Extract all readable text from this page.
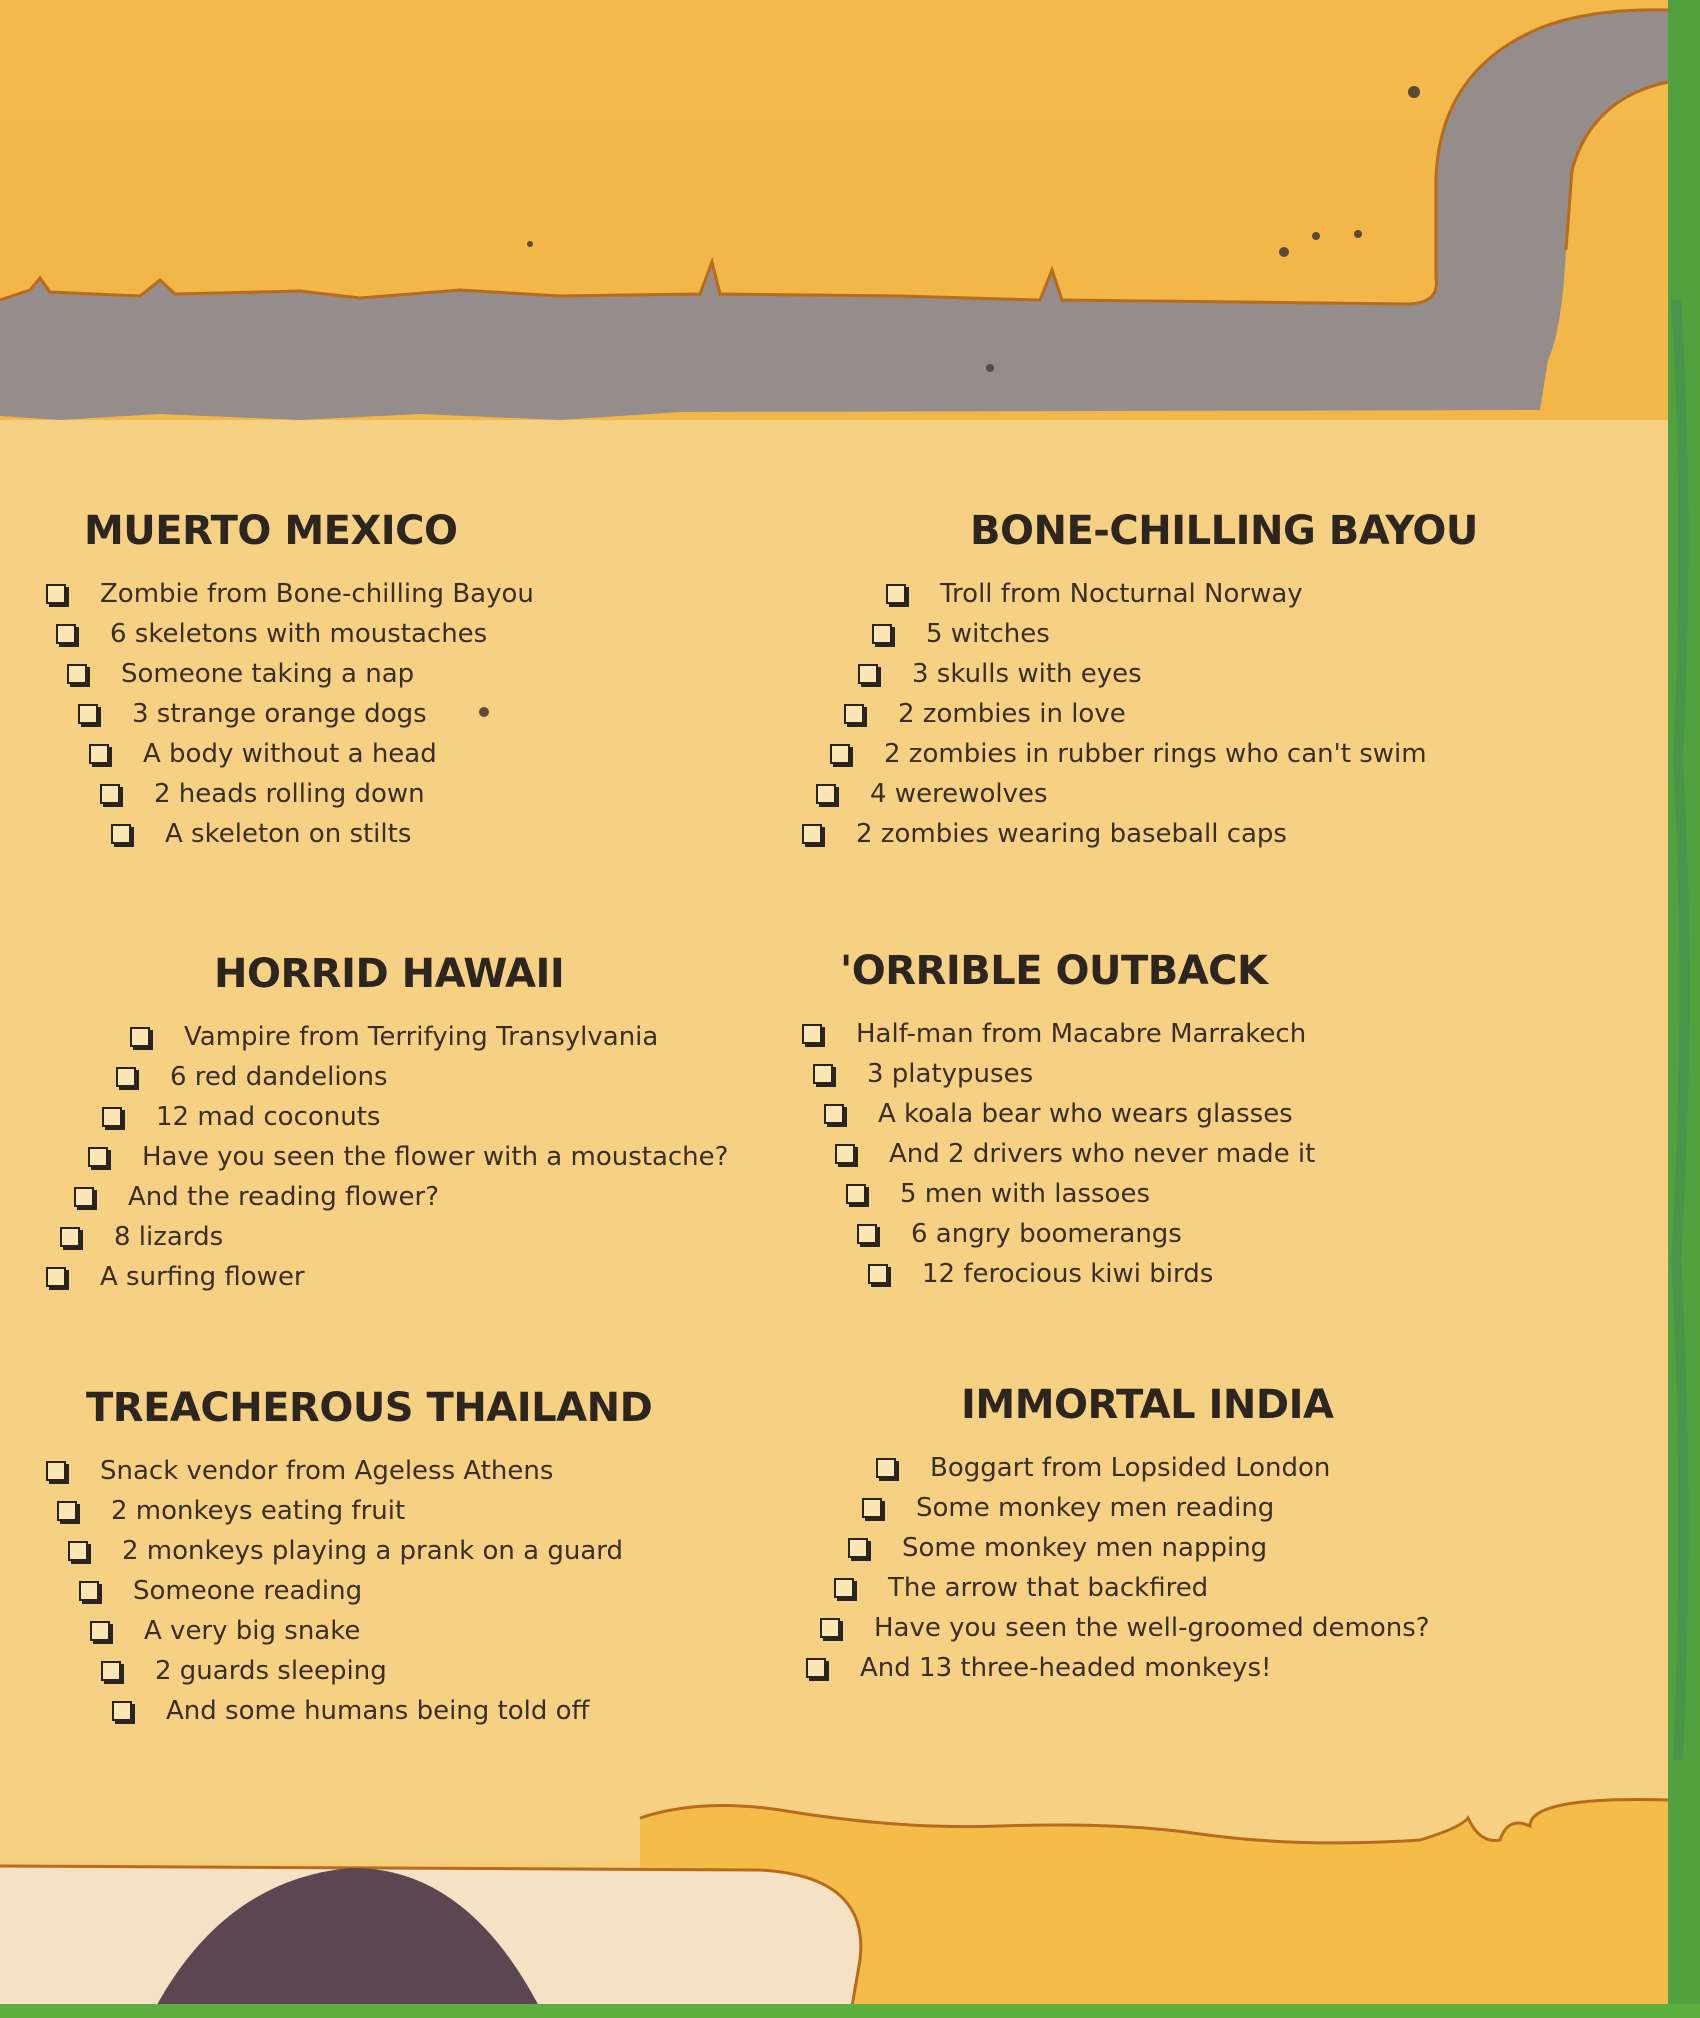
MUERTO MEXICO
Zombie from Bone-chilling Bayou
6 skeletons with moustaches
Someone taking a nap
3 strange orange dogs
A body without a head
2 heads rolling down
A skeleton on stilts
BONE-CHILLING BAYOU
Troll from Nocturnal Norway
5 witches
3 skulls with eyes
2 zombies in love
2 zombies in rubber rings who can't swim
4 werewolves
2 zombies wearing baseball caps
HORRID HAWAII
Vampire from Terrifying Transylvania
6 red dandelions
12 mad coconuts
Have you seen the flower with a moustache?
And the reading flower?
8 lizards
A surfing flower
'ORRIBLE OUTBACK
Half-man from Macabre Marrakech
3 platypuses
A koala bear who wears glasses
And 2 drivers who never made it
5 men with lassoes
6 angry boomerangs
12 ferocious kiwi birds
TREACHEROUS THAILAND
Snack vendor from Ageless Athens
2 monkeys eating fruit
2 monkeys playing a prank on a guard
Someone reading
A very big snake
2 guards sleeping
And some humans being told off
IMMORTAL INDIA
Boggart from Lopsided London
Some monkey men reading
Some monkey men napping
The arrow that backfired
Have you seen the well-groomed demons?
And 13 three-headed monkeys!
